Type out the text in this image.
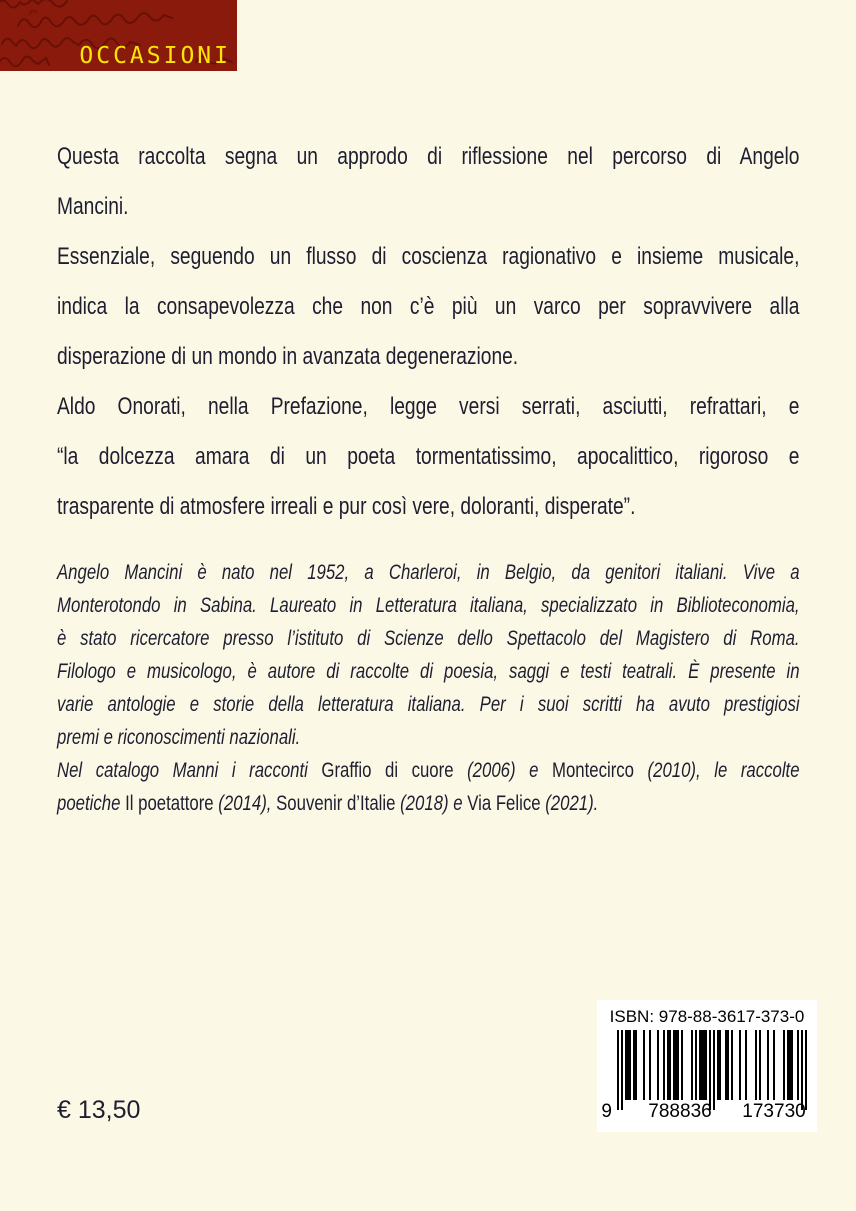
OCCASIONI
Questa raccolta segna un approdo di riflessione nel percorso di Angelo
Mancini.
Essenziale, seguendo un flusso di coscienza ragionativo e insieme musicale,
indica la consapevolezza che non c’è più un varco per sopravvivere alla
disperazione di un mondo in avanzata degenerazione.
Aldo Onorati, nella Prefazione, legge versi serrati, asciutti, refrattari, e
“la dolcezza amara di un poeta tormentatissimo, apocalittico, rigoroso e
trasparente di atmosfere irreali e pur così vere, doloranti, disperate”.
Angelo Mancini è nato nel 1952, a Charleroi, in Belgio, da genitori italiani. Vive a
Monterotondo in Sabina. Laureato in Letteratura italiana, specializzato in Biblioteconomia,
è stato ricercatore presso l’istituto di Scienze dello Spettacolo del Magistero di Roma.
Filologo e musicologo, è autore di raccolte di poesia, saggi e testi teatrali. È presente in
varie antologie e storie della letteratura italiana. Per i suoi scritti ha avuto prestigiosi
premi e riconoscimenti nazionali.
Nel catalogo Manni i racconti Graffio di cuore (2006) e Montecirco (2010), le raccolte
poetiche Il poetattore (2014), Souvenir d’Italie (2018) e Via Felice (2021).
€ 13,50
ISBN: 978-88-3617-373-0
9	788836	173730
